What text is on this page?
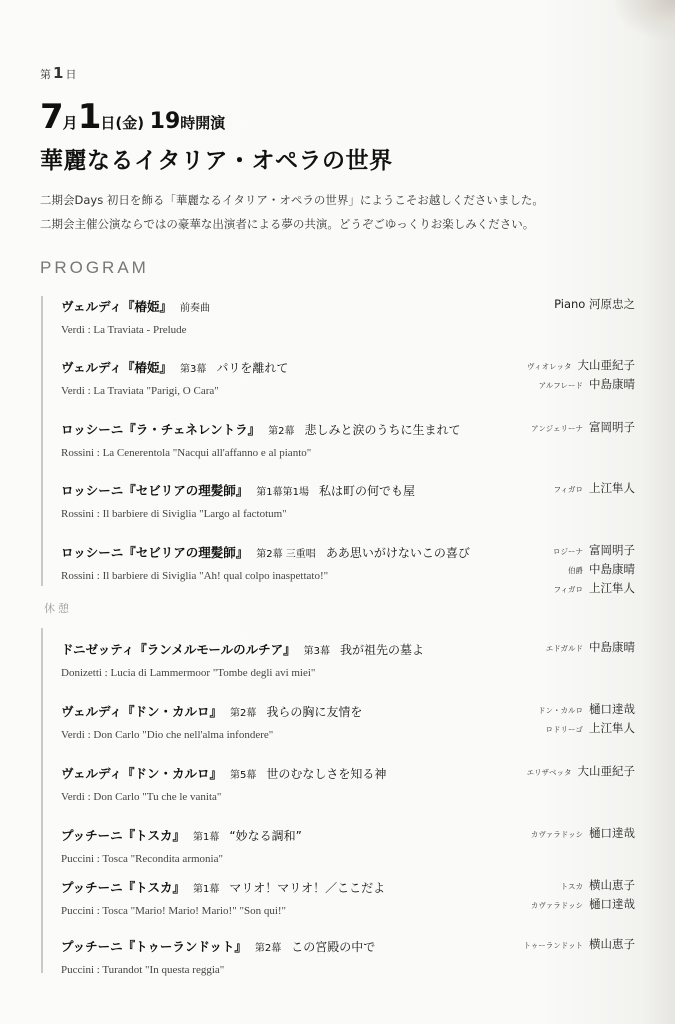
第 1 日
7月1日(金) 19時開演
華麗なるイタリア・オペラの世界
二期会Days 初日を飾る「華麗なるイタリア・オペラの世界」にようこそお越しくださいました。
二期会主催公演ならではの豪華な出演者による夢の共演。どうぞごゆっくりお楽しみください。
PROGRAM
休憩
ヴェルディ『椿姫』 前奏曲
Verdi : La Traviata - Prelude
ヴェルディ『椿姫』 第3幕 パリを離れて
Verdi : La Traviata "Parigi, O Cara"
ロッシーニ『ラ・チェネレントラ』 第2幕 悲しみと涙のうちに生まれて
Rossini : La Cenerentola "Nacqui all'affanno e al pianto"
ロッシーニ『セビリアの理髪師』 第1幕第1場 私は町の何でも屋
Rossini : Il barbiere di Siviglia "Largo al factotum"
ロッシーニ『セビリアの理髪師』 第2幕 三重唱 ああ思いがけないこの喜び
Rossini : Il barbiere di Siviglia "Ah! qual colpo inaspettato!"
ドニゼッティ『ランメルモールのルチア』 第3幕 我が祖先の墓よ
Donizetti : Lucia di Lammermoor "Tombe degli avi miei"
ヴェルディ『ドン・カルロ』 第2幕 我らの胸に友情を
Verdi : Don Carlo "Dio che nell'alma infondere"
ヴェルディ『ドン・カルロ』 第5幕 世のむなしさを知る神
Verdi : Don Carlo "Tu che le vanita"
プッチーニ『トスカ』 第1幕 “妙なる調和”
Puccini : Tosca "Recondita armonia"
プッチーニ『トスカ』 第1幕 マリオ！マリオ！／ここだよ
Puccini : Tosca "Mario! Mario! Mario!" "Son qui!"
プッチーニ『トゥーランドット』 第2幕 この宮殿の中で
Puccini : Turandot "In questa reggia"
Piano 河原忠之
ヴィオレッタ 大山亜紀子
アルフレード 中島康晴
アンジェリーナ 富岡明子
フィガロ 上江隼人
ロジーナ 富岡明子
伯爵 中島康晴
フィガロ 上江隼人
エドガルド 中島康晴
ドン・カルロ 樋口達哉
ロドリーゴ 上江隼人
エリザベッタ 大山亜紀子
カヴァラドッシ 樋口達哉
トスカ 横山恵子
カヴァラドッシ 樋口達哉
トゥーランドット 横山恵子
